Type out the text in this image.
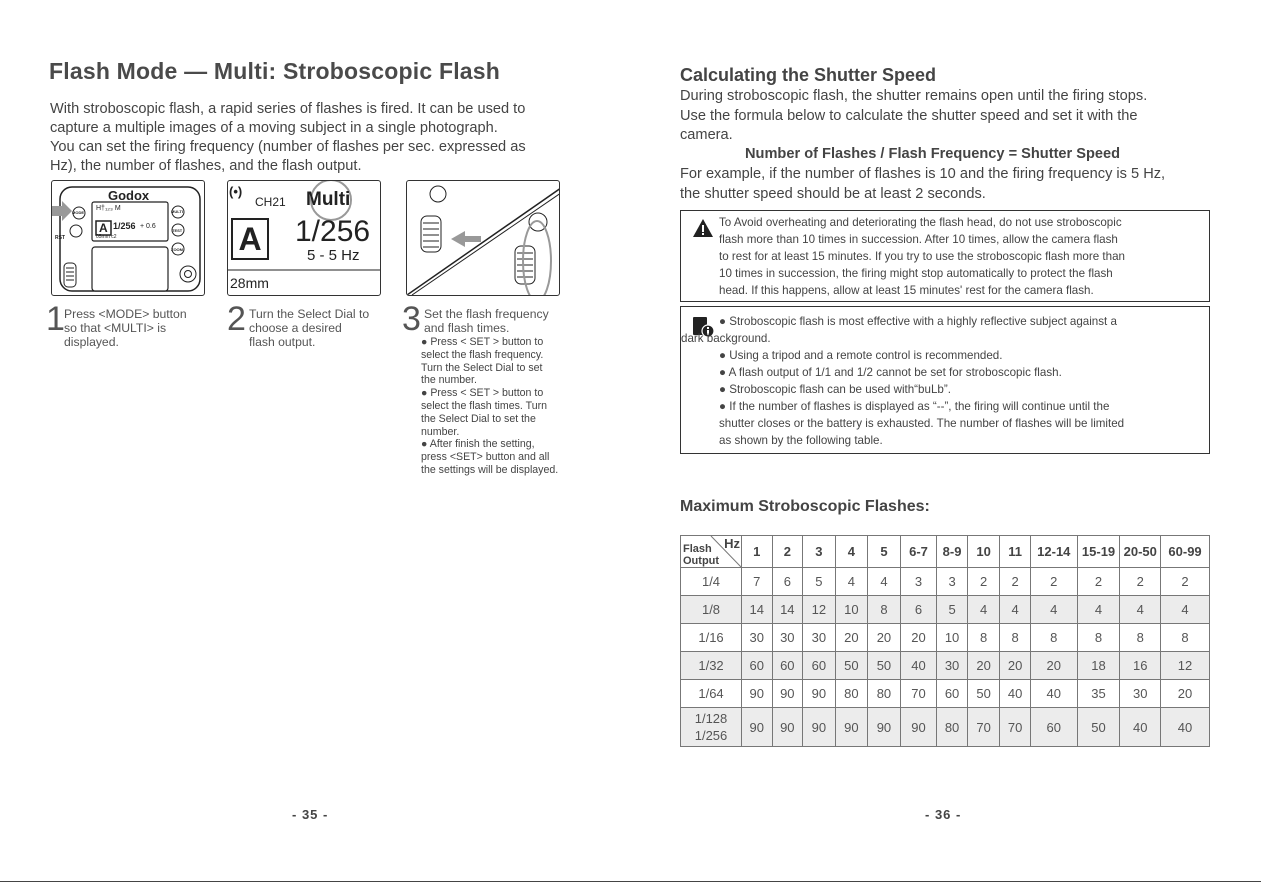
Flash Mode — Multi: Stroboscopic Flash

With stroboscopic flash, a rapid series of flashes is fired. It can be used to

capture a multiple images of a moving subject in a single photograph.

You can set the firing frequency (number of flashes per sec. expressed as

Hz), the number of flashes, and the flash output.

Godox
H†₁₂₃ M
1/256 + 0.6
05mm c2
A
MODE
RST
MULTI
TEST
ZOOM
(•)
CH21 Multi
A 1/256
5 - 5 Hz
28mm
1 Press <MODE> button
so that <MULTI> is
displayed.
2 Turn the Select Dial to
choose a desired
flash output.
3 Set the flash frequency
and flash times.
● Press < SET > button to
select the flash frequency.
Turn the Select Dial to set
the number.
● Press < SET > button to
select the flash times. Turn
the Select Dial to set the
number.
● After finish the setting,
press <SET> button and all
the settings will be displayed.
- 35 -
Calculating the Shutter Speed

During stroboscopic flash, the shutter remains open until the firing stops.

Use the formula below to calculate the shutter speed and set it with the

camera.

Number of Flashes / Flash Frequency = Shutter Speed
For example, if the number of flashes is 10 and the firing frequency is 5 Hz,
the shutter speed should be at least 2 seconds.
To Avoid overheating and deteriorating the flash head, do not use stroboscopic
flash more than 10 times in succession. After 10 times, allow the camera flash
to rest for at least 15 minutes. If you try to use the stroboscopic flash more than
10 times in succession, the firing might stop automatically to protect the flash
head. If this happens, allow at least 15 minutes' rest for the camera flash.
● Stroboscopic flash is most effective with a highly reflective subject against a
dark background.
● Using a tripod and a remote control is recommended.
● A flash output of 1/1 and 1/2 cannot be set for stroboscopic flash.
● Stroboscopic flash can be used with“buLb”.
● If the number of flashes is displayed as “--”, the firing will continue until the
shutter closes or the battery is exhausted. The number of flashes will be limited
as shown by the following table.
Maximum Stroboscopic Flashes:
Hz
Flash
Output	1	2	3	4	5	6-7	8-9	10	11	12-14	15-19	20-50	60-99
1/4	7	6	5	4	4	3	3	2	2	2	2	2	2
1/8	14	14	12	10	8	6	5	4	4	4	4	4	4
1/16	30	30	30	20	20	20	10	8	8	8	8	8	8
1/32	60	60	60	50	50	40	30	20	20	20	18	16	12
1/64	90	90	90	80	80	70	60	50	40	40	35	30	20

1/128
1/256	90	90	90	90	90	90	80	70	70	60	50	40	40
- 36 -
